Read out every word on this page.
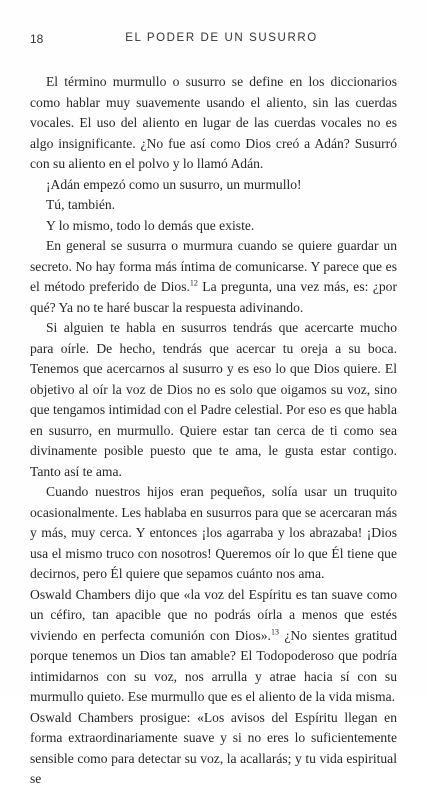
18	EL PODER DE UN SUSURRO

El término murmullo o susurro se define en los diccionarios como hablar muy suavemente usando el aliento, sin las cuerdas vocales. El uso del aliento en lugar de las cuerdas vocales no es algo insignificante. ¿No fue así como Dios creó a Adán? Susurró con su aliento en el polvo y lo llamó Adán.

¡Adán empezó como un susurro, un murmullo!

Tú, también.

Y lo mismo, todo lo demás que existe.

En general se susurra o murmura cuando se quiere guardar un secreto. No hay forma más íntima de comunicarse. Y parece que es el método preferido de Dios.$^{12}$ La pregunta, una vez más, es: ¿por qué? Ya no te haré buscar la respuesta adivinando.

Si alguien te habla en susurros tendrás que acercarte mucho para oírle. De hecho, tendrás que acercar tu oreja a su boca. Tenemos que acercarnos al susurro y es eso lo que Dios quiere. El objetivo al oír la voz de Dios no es solo que oigamos su voz, sino que tengamos intimidad con el Padre celestial. Por eso es que habla en susurro, en murmullo. Quiere estar tan cerca de ti como sea divinamente posible puesto que te ama, le gusta estar contigo. Tanto así te ama.

Cuando nuestros hijos eran pequeños, solía usar un truquito ocasionalmente. Les hablaba en susurros para que se acercaran más y más, muy cerca. Y entonces ¡los agarraba y los abrazaba! ¡Dios usa el mismo truco con nosotros! Queremos oír lo que Él tiene que decirnos, pero Él quiere que sepamos cuánto nos ama.

Oswald Chambers dijo que «la voz del Espíritu es tan suave como un céfiro, tan apacible que no podrás oírla a menos que estés viviendo en perfecta comunión con Dios».$^{13}$ ¿No sientes gratitud porque tenemos un Dios tan amable? El Todopoderoso que podría intimidarnos con su voz, nos arrulla y atrae hacia sí con su murmullo quieto. Ese murmullo que es el aliento de la vida misma.

Oswald Chambers prosigue: «Los avisos del Espíritu llegan en forma extraordinariamente suave y si no eres lo suficientemente sensible como para detectar su voz, la acallarás; y tu vida espiritual se
